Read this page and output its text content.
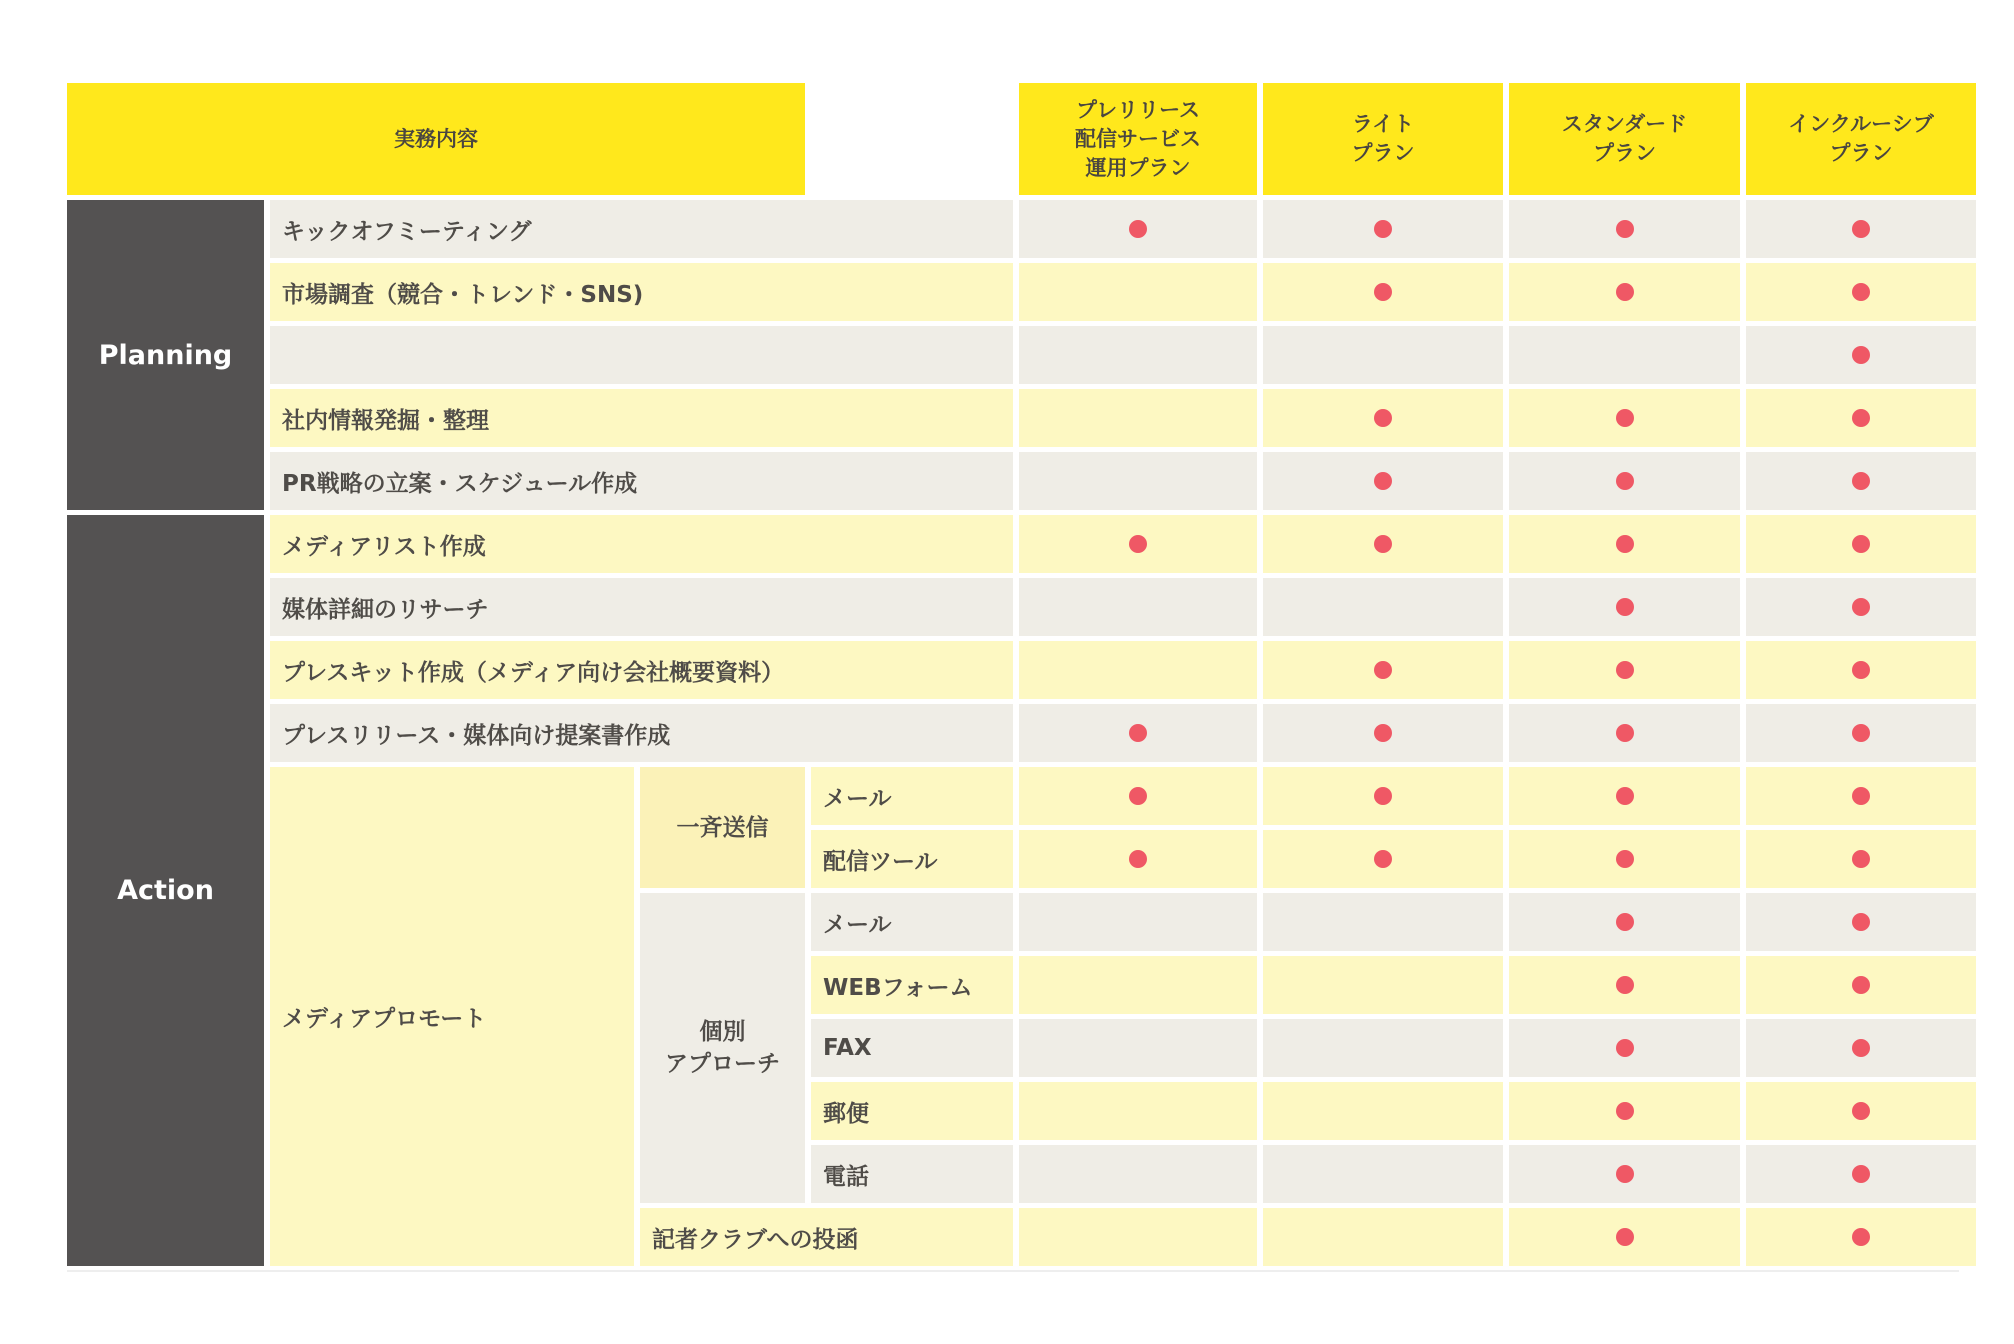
実務内容
プレリリース
配信サービス
運用プラン
ライト
プラン
スタンダード
プラン
インクルーシブ
プラン
Planning
Action
キックオフミーティング
市場調査（競合・トレンド・SNS)
社内情報発掘・整理
PR戦略の立案・スケジュール作成
メディアリスト作成
媒体詳細のリサーチ
プレスキット作成（メディア向け会社概要資料）
プレスリリース・媒体向け提案書作成
メディアプロモート
一斉送信
個別
アプローチ
メール
配信ツール
メール
WEBフォーム
FAX
郵便
電話
記者クラブへの投函
